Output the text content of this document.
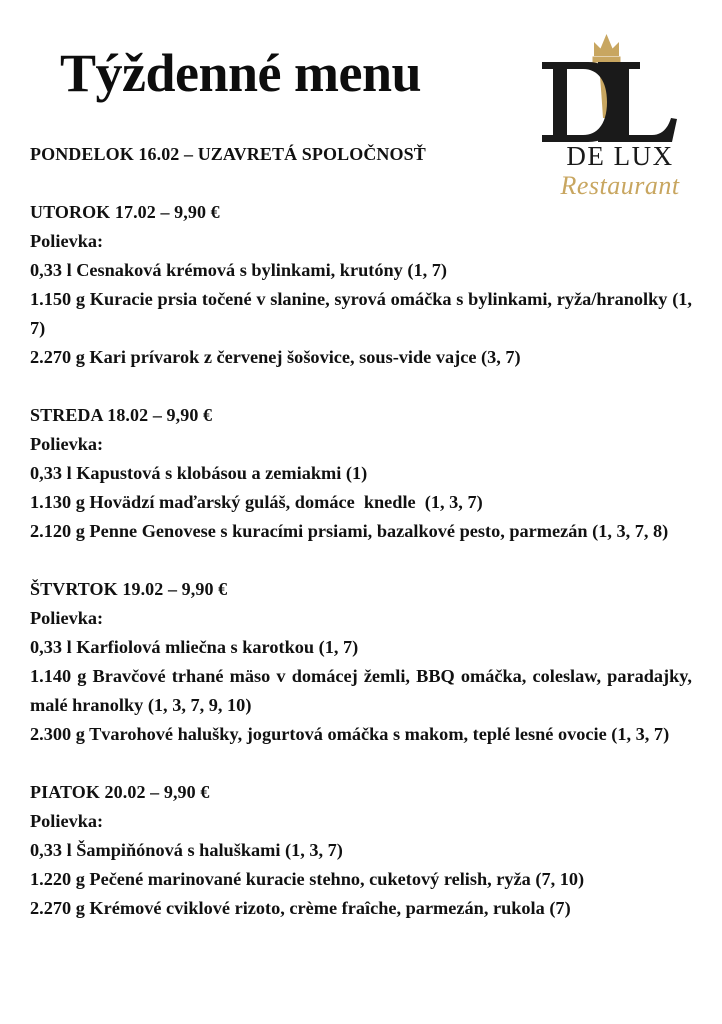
Týždenné menu
DE LUX
Restaurant

PONDELOK 16.02 – UZAVRETÁ SPOLOČNOSŤ

UTOROK 17.02 – 9,90 €

Polievka:

0,33 l Cesnaková krémová s bylinkami, krutóny (1, 7)

1.150 g Kuracie prsia točené v slanine, syrová omáčka s bylinkami, ryža/hranolky (1, 7)

2.270 g Kari prívarok z červenej šošovice, sous-vide vajce (3, 7)

STREDA 18.02 – 9,90 €

Polievka:

0,33 l Kapustová s klobásou a zemiakmi (1)

1.130 g Hovädzí maďarský guláš, domáce  knedle  (1, 3, 7)

2.120 g Penne Genovese s kuracími prsiami, bazalkové pesto, parmezán (1, 3, 7, 8)

ŠTVRTOK 19.02 – 9,90 €

Polievka:

0,33 l Karfiolová mliečna s karotkou (1, 7)

1.140 g Bravčové trhané mäso v domácej žemli, BBQ omáčka, coleslaw, paradajky, malé hranolky (1, 3, 7, 9, 10)

2.300 g Tvarohové halušky, jogurtová omáčka s makom, teplé lesné ovocie (1, 3, 7)

PIATOK 20.02 – 9,90 €

Polievka:

0,33 l Šampiňónová s haluškami (1, 3, 7)

1.220 g Pečené marinované kuracie stehno, cuketový relish, ryža (7, 10)

2.270 g Krémové cviklové rizoto, crème fraîche, parmezán, rukola (7)
